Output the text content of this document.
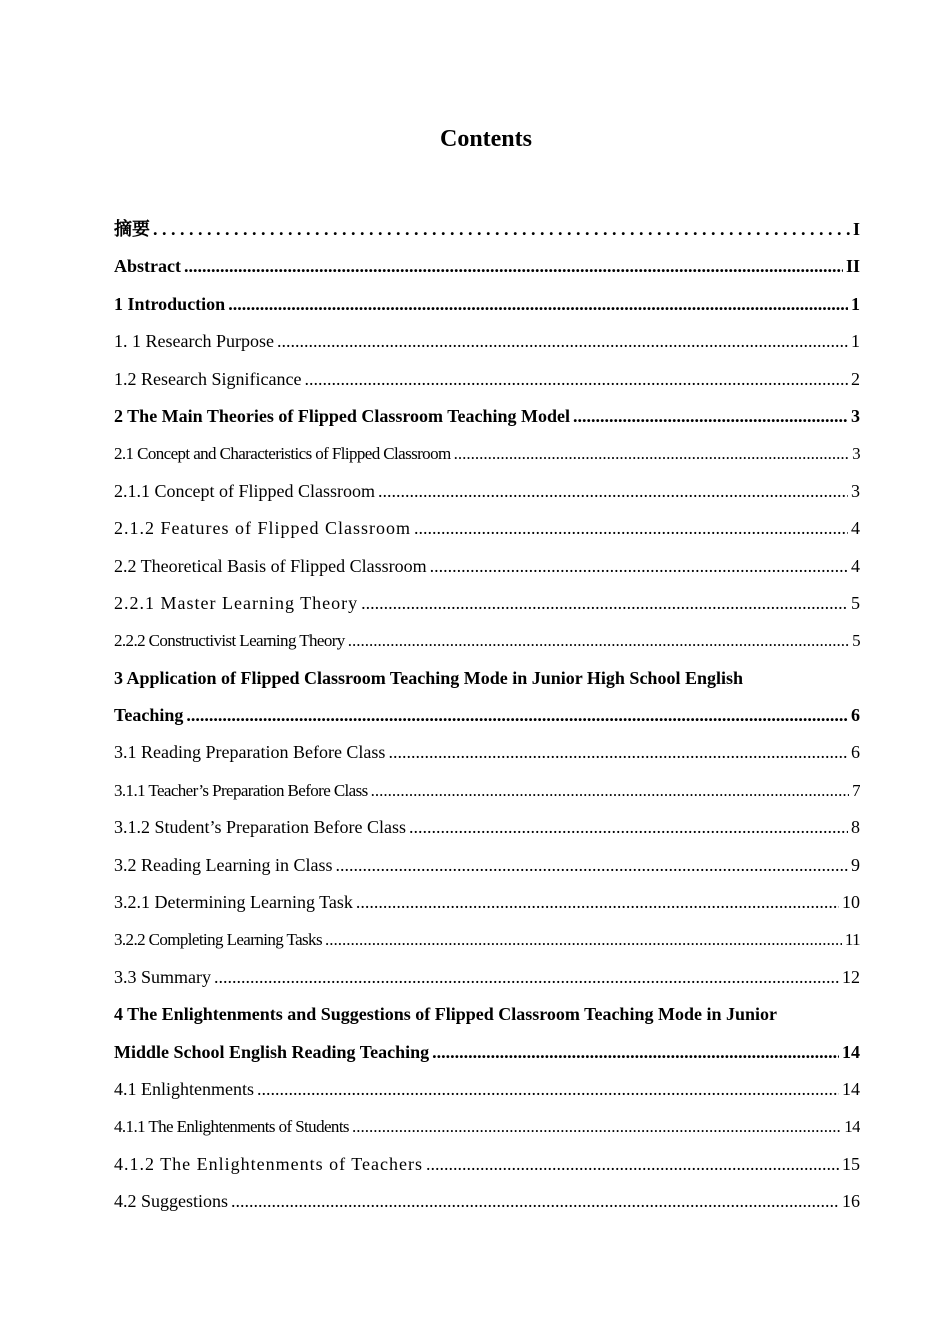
Contents
摘要 . . .	I
Abstract .....	II
1 Introduction .....	1
1. 1 Research Purpose .....	1
1.2 Research Significance .....	2
2 The Main Theories of Flipped Classroom Teaching Model .....	3
2.1 Concept and Characteristics of Flipped Classroom .....	3
2.1.1 Concept of Flipped Classroom .....	3
2.1.2 Features of Flipped Classroom .....	4
2.2 Theoretical Basis of Flipped Classroom .....	4
2.2.1 Master Learning Theory .....	5
2.2.2 Constructivist Learning Theory .....	5
3 Application of Flipped Classroom Teaching Mode in Junior High School English
Teaching .....	6
3.1 Reading Preparation Before Class .....	6
3.1.1 Teacher’s Preparation Before Class .....	7
3.1.2 Student’s Preparation Before Class .....	8
3.2 Reading Learning in Class .....	9
3.2.1 Determining Learning Task .....	10
3.2.2 Completing Learning Tasks .....	11
3.3 Summary .....	12
4 The Enlightenments and Suggestions of Flipped Classroom Teaching Mode in Junior
Middle School English Reading Teaching .....	14
4.1 Enlightenments .....	14
4.1.1 The Enlightenments of Students .....	14
4.1.2 The Enlightenments of Teachers .....	15
4.2 Suggestions .....	16
